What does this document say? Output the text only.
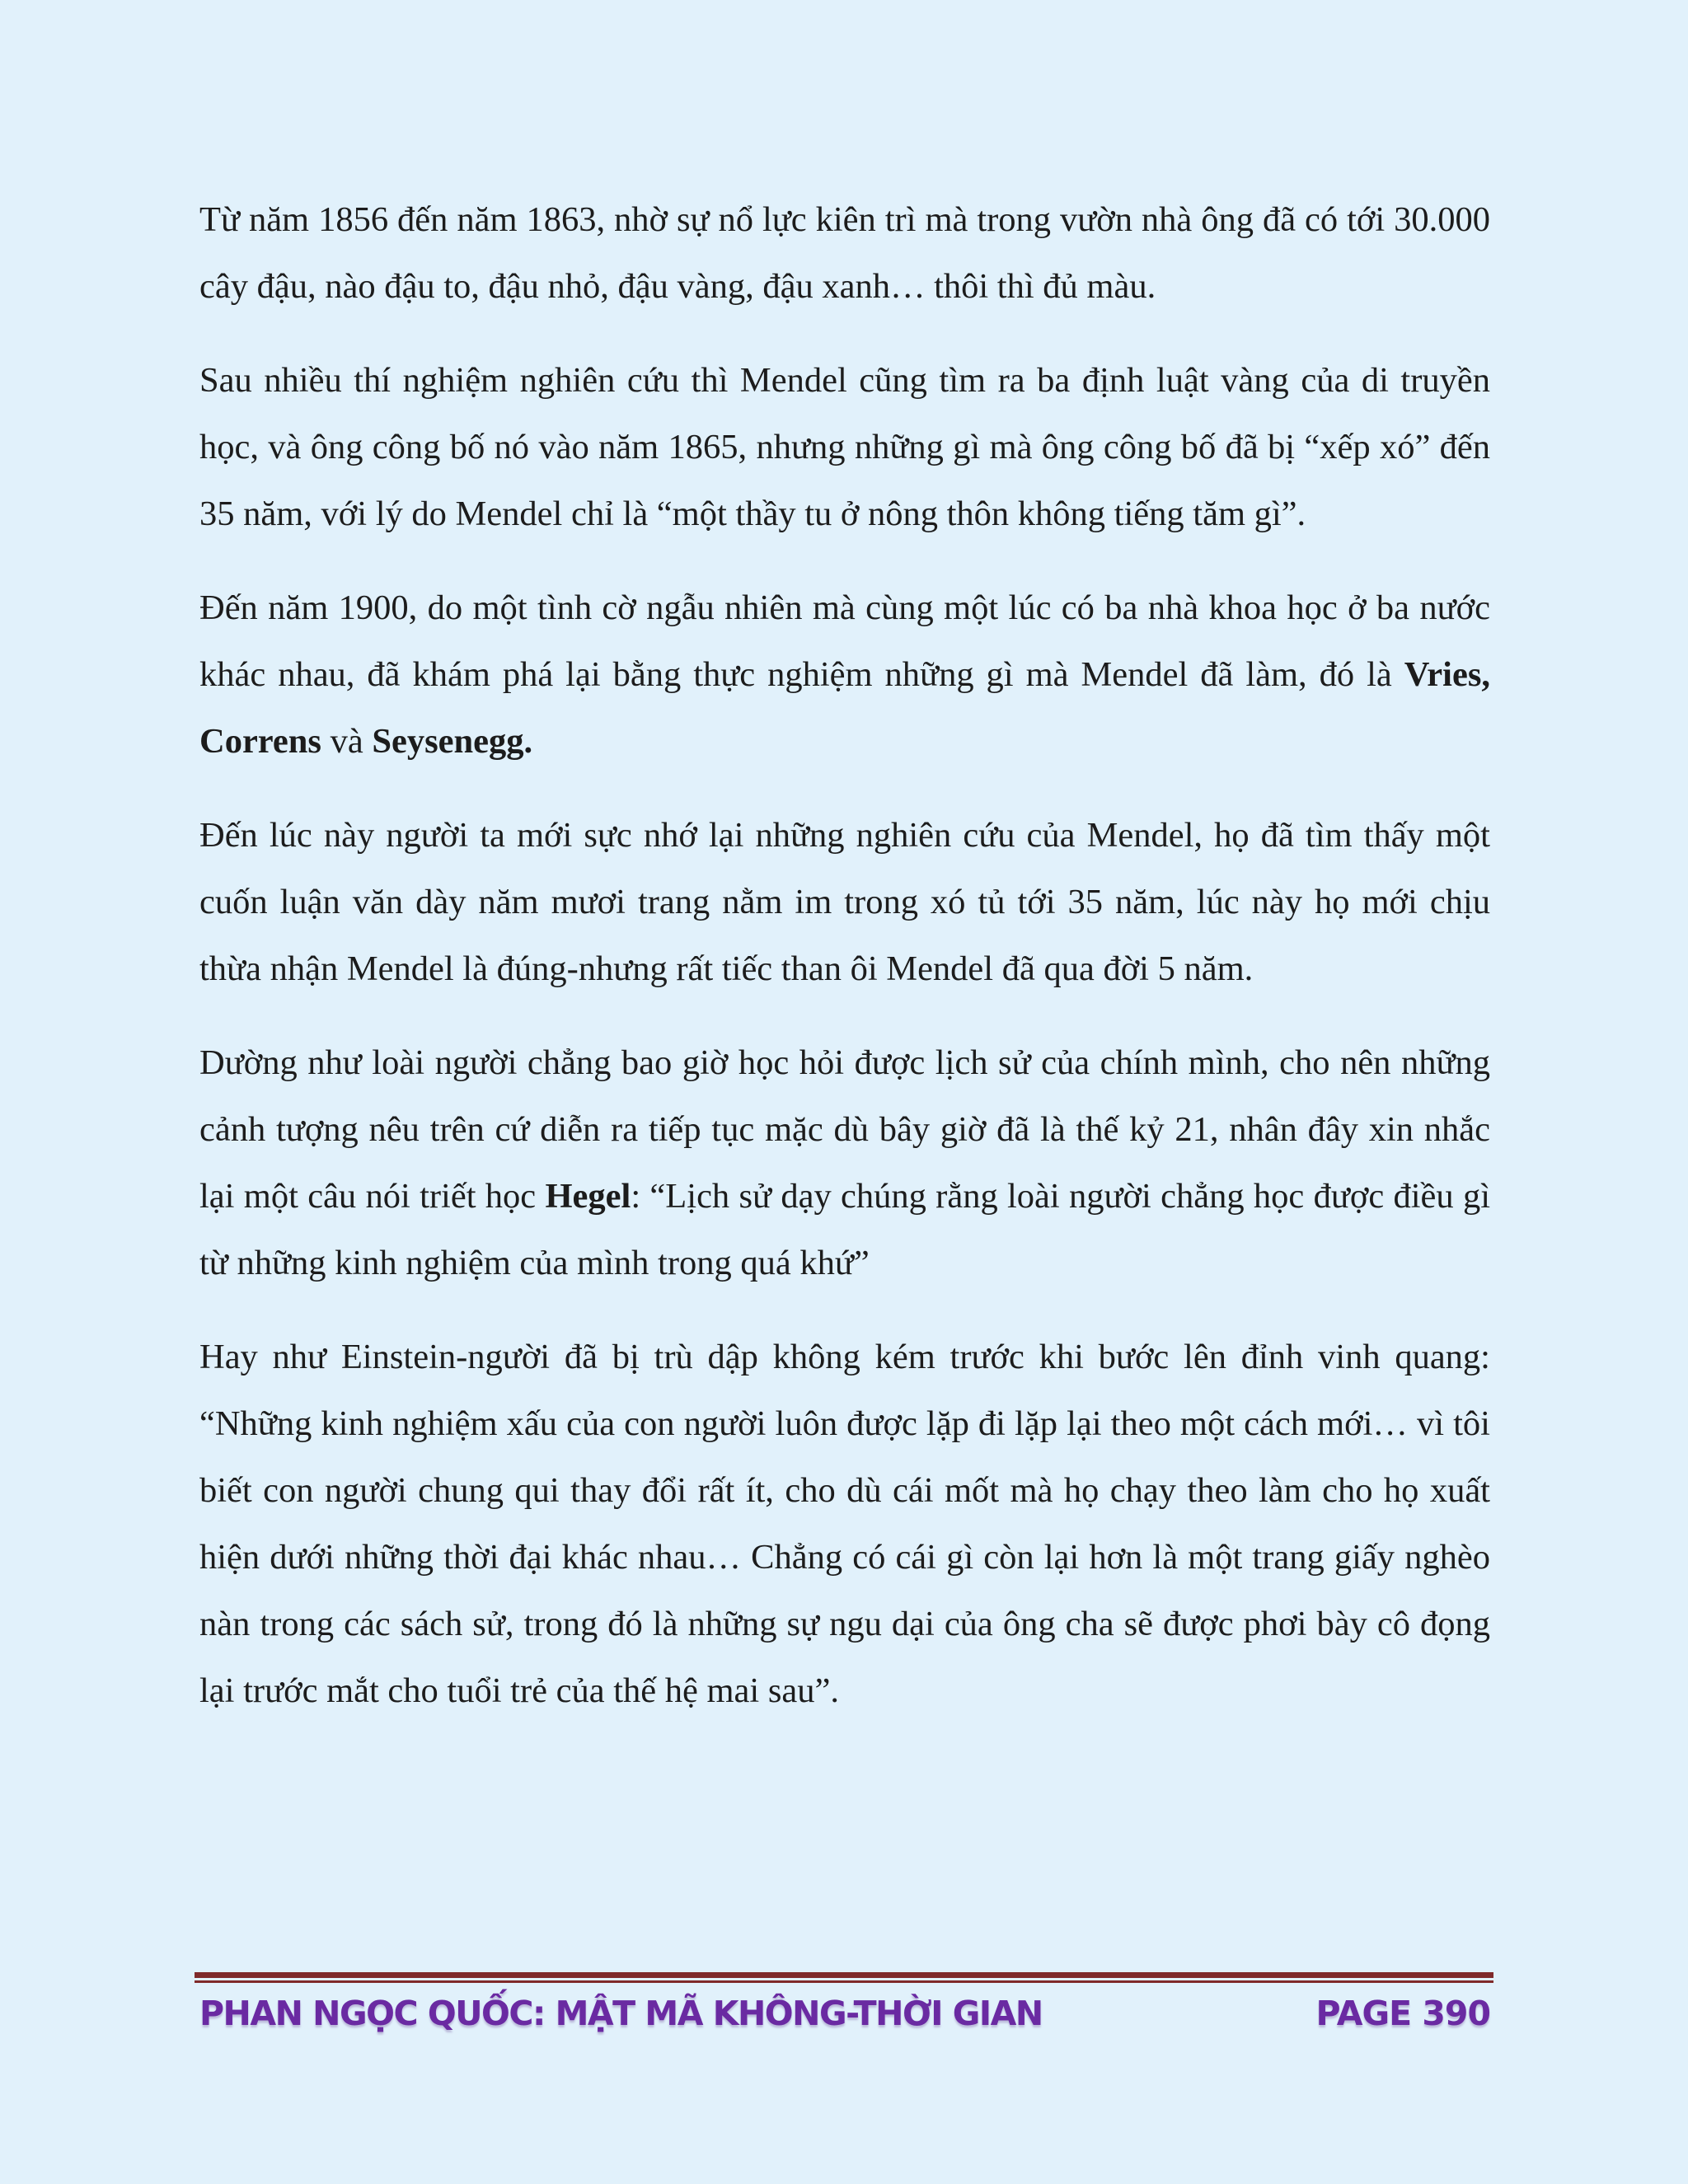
Từ năm 1856 đến năm 1863, nhờ sự nổ lực kiên trì mà trong vườn nhà ông đã có tới 30.000 cây đậu, nào đậu to, đậu nhỏ, đậu vàng, đậu xanh… thôi thì đủ màu.

Sau nhiều thí nghiệm nghiên cứu thì Mendel cũng tìm ra ba định luật vàng của di truyền học, và ông công bố nó vào năm 1865, nhưng những gì mà ông công bố đã bị “xếp xó” đến 35 năm, với lý do Mendel chỉ là “một thầy tu ở nông thôn không tiếng tăm gì”.

Đến năm 1900, do một tình cờ ngẫu nhiên mà cùng một lúc có ba nhà khoa học ở ba nước khác nhau, đã khám phá lại bằng thực nghiệm những gì mà Mendel đã làm, đó là Vries, Correns và Seysenegg.

Đến lúc này người ta mới sực nhớ lại những nghiên cứu của Mendel, họ đã tìm thấy một cuốn luận văn dày năm mươi trang nằm im trong xó tủ tới 35 năm, lúc này họ mới chịu thừa nhận Mendel là đúng-nhưng rất tiếc than ôi Mendel đã qua đời 5 năm.

Dường như loài người chẳng bao giờ học hỏi được lịch sử của chính mình, cho nên những cảnh tượng nêu trên cứ diễn ra tiếp tục mặc dù bây giờ đã là thế kỷ 21, nhân đây xin nhắc lại một câu nói triết học Hegel: “Lịch sử dạy chúng rằng loài người chẳng học được điều gì từ những kinh nghiệm của mình trong quá khứ”

Hay như Einstein-người đã bị trù dập không kém trước khi bước lên đỉnh vinh quang: “Những kinh nghiệm xấu của con người luôn được lặp đi lặp lại theo một cách mới… vì tôi biết con người chung qui thay đổi rất ít, cho dù cái mốt mà họ chạy theo làm cho họ xuất hiện dưới những thời đại khác nhau… Chẳng có cái gì còn lại hơn là một trang giấy nghèo nàn trong các sách sử, trong đó là những sự ngu dại của ông cha sẽ được phơi bày cô đọng lại trước mắt cho tuổi trẻ của thế hệ mai sau”.

PHAN NGỌC QUỐC: MẬT MÃ KHÔNG-THỜI GIAN	PAGE 390
